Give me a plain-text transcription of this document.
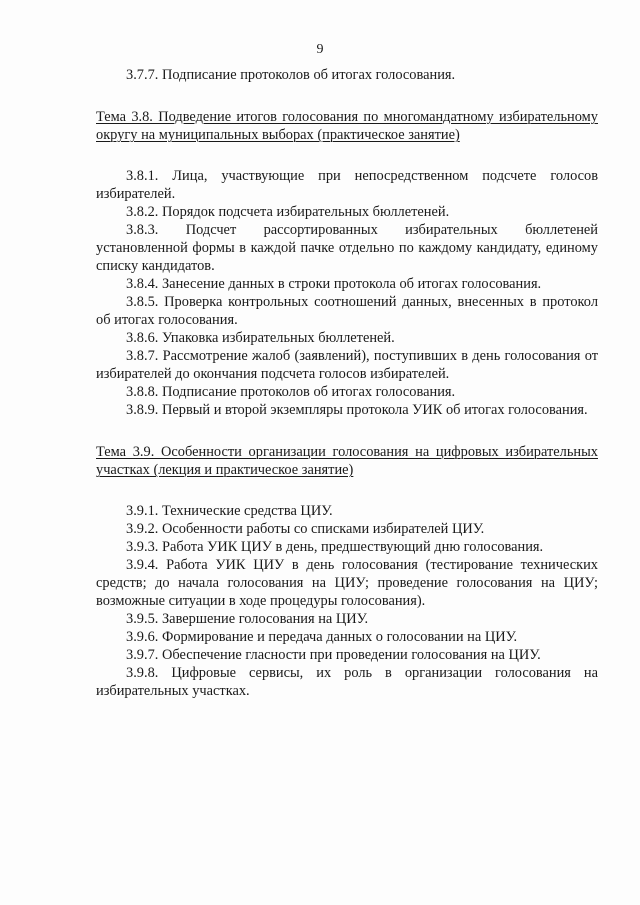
9

3.7.7. Подписание протоколов об итогах голосования.

Тема 3.8. Подведение итогов голосования по многомандатному избирательному округу на муниципальных выборах (практическое занятие)

3.8.1. Лица, участвующие при непосредственном подсчете голосов избирателей.

3.8.2. Порядок подсчета избирательных бюллетеней.

3.8.3. Подсчет рассортированных избирательных бюллетеней установленной формы в каждой пачке отдельно по каждому кандидату, единому списку кандидатов.

3.8.4. Занесение данных в строки протокола об итогах голосования.

3.8.5. Проверка контрольных соотношений данных, внесенных в протокол об итогах голосования.

3.8.6. Упаковка избирательных бюллетеней.

3.8.7. Рассмотрение жалоб (заявлений), поступивших в день голосования от избирателей до окончания подсчета голосов избирателей.

3.8.8. Подписание протоколов об итогах голосования.

3.8.9. Первый и второй экземпляры протокола УИК об итогах голосования.

Тема 3.9. Особенности организации голосования на цифровых избирательных участках (лекция и практическое занятие)

3.9.1. Технические средства ЦИУ.

3.9.2. Особенности работы со списками избирателей ЦИУ.

3.9.3. Работа УИК ЦИУ в день, предшествующий дню голосования.

3.9.4. Работа УИК ЦИУ в день голосования (тестирование технических средств; до начала голосования на ЦИУ; проведение голосования на ЦИУ; возможные ситуации в ходе процедуры голосования).

3.9.5. Завершение голосования на ЦИУ.

3.9.6. Формирование и передача данных о голосовании на ЦИУ.

3.9.7. Обеспечение гласности при проведении голосования на ЦИУ.

3.9.8. Цифровые сервисы, их роль в организации голосования на избирательных участках.
